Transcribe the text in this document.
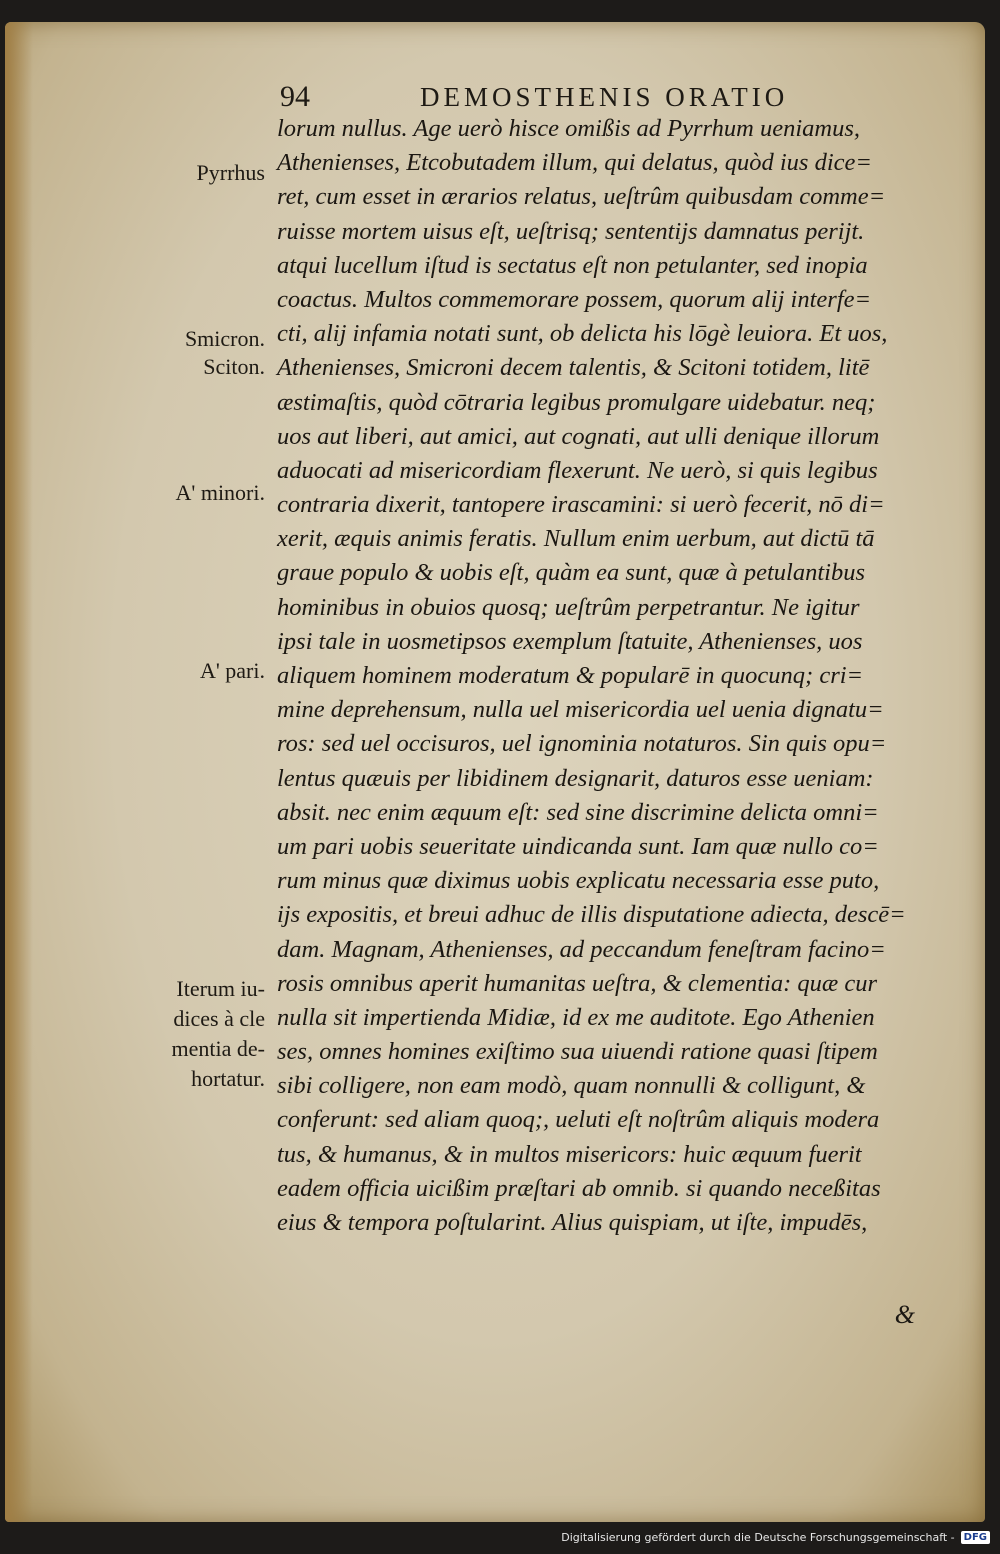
94	DEMOSTHENIS ORATIO
Pyrrhus
Smicron.
Sciton.
A' minori.
A' pari.
Iterum iu-
dices à cle
mentia de-
hortatur.
lorum nullus. Age uerò hisce omißis ad Pyrrhum ueniamus,
Athenienses, Etcobutadem illum, qui delatus, quòd ius dice=
ret, cum esset in ærarios relatus, ueſtrûm quibusdam comme=
ruisse mortem uisus eſt, ueſtrisq; sententijs damnatus perijt.
atqui lucellum iſtud is sectatus eſt non petulanter, sed inopia
coactus. Multos commemorare possem, quorum alij interfe=
cti, alij infamia notati sunt, ob delicta his lōgè leuiora. Et uos,
Athenienses, Smicroni decem talentis, & Scitoni totidem, litē
æstimaſtis, quòd cōtraria legibus promulgare uidebatur. neq;
uos aut liberi, aut amici, aut cognati, aut ulli denique illorum
aduocati ad misericordiam flexerunt. Ne uerò, si quis legibus
contraria dixerit, tantopere irascamini: si uerò fecerit, nō di=
xerit, æquis animis feratis. Nullum enim uerbum, aut dictū tā
graue populo & uobis eſt, quàm ea sunt, quæ à petulantibus
hominibus in obuios quosq; ueſtrûm perpetrantur. Ne igitur
ipsi tale in uosmetipsos exemplum ſtatuite, Athenienses, uos
aliquem hominem moderatum & popularē in quocunq; cri=
mine deprehensum, nulla uel misericordia uel uenia dignatu=
ros: sed uel occisuros, uel ignominia notaturos. Sin quis opu=
lentus quæuis per libidinem designarit, daturos esse ueniam:
absit. nec enim æquum eſt: sed sine discrimine delicta omni=
um pari uobis seueritate uindicanda sunt. Iam quæ nullo co=
rum minus quæ diximus uobis explicatu necessaria esse puto,
ijs expositis, et breui adhuc de illis disputatione adiecta, descē=
dam. Magnam, Athenienses, ad peccandum feneſtram facino=
rosis omnibus aperit humanitas ueſtra, & clementia: quæ cur
nulla sit impertienda Midiæ, id ex me auditote. Ego Athenien
ses, omnes homines exiſtimo sua uiuendi ratione quasi ſtipem
sibi colligere, non eam modò, quam nonnulli & colligunt, &
conferunt: sed aliam quoq;, ueluti eſt noſtrûm aliquis modera
tus, & humanus, & in multos misericors: huic æquum fuerit
eadem officia uicißim præſtari ab omnib. si quando neceßitas
eius & tempora poſtularint. Alius quispiam, ut iſte, impudēs,
&
Digitalisierung gefördert durch die Deutsche Forschungsgemeinschaft - DFG
